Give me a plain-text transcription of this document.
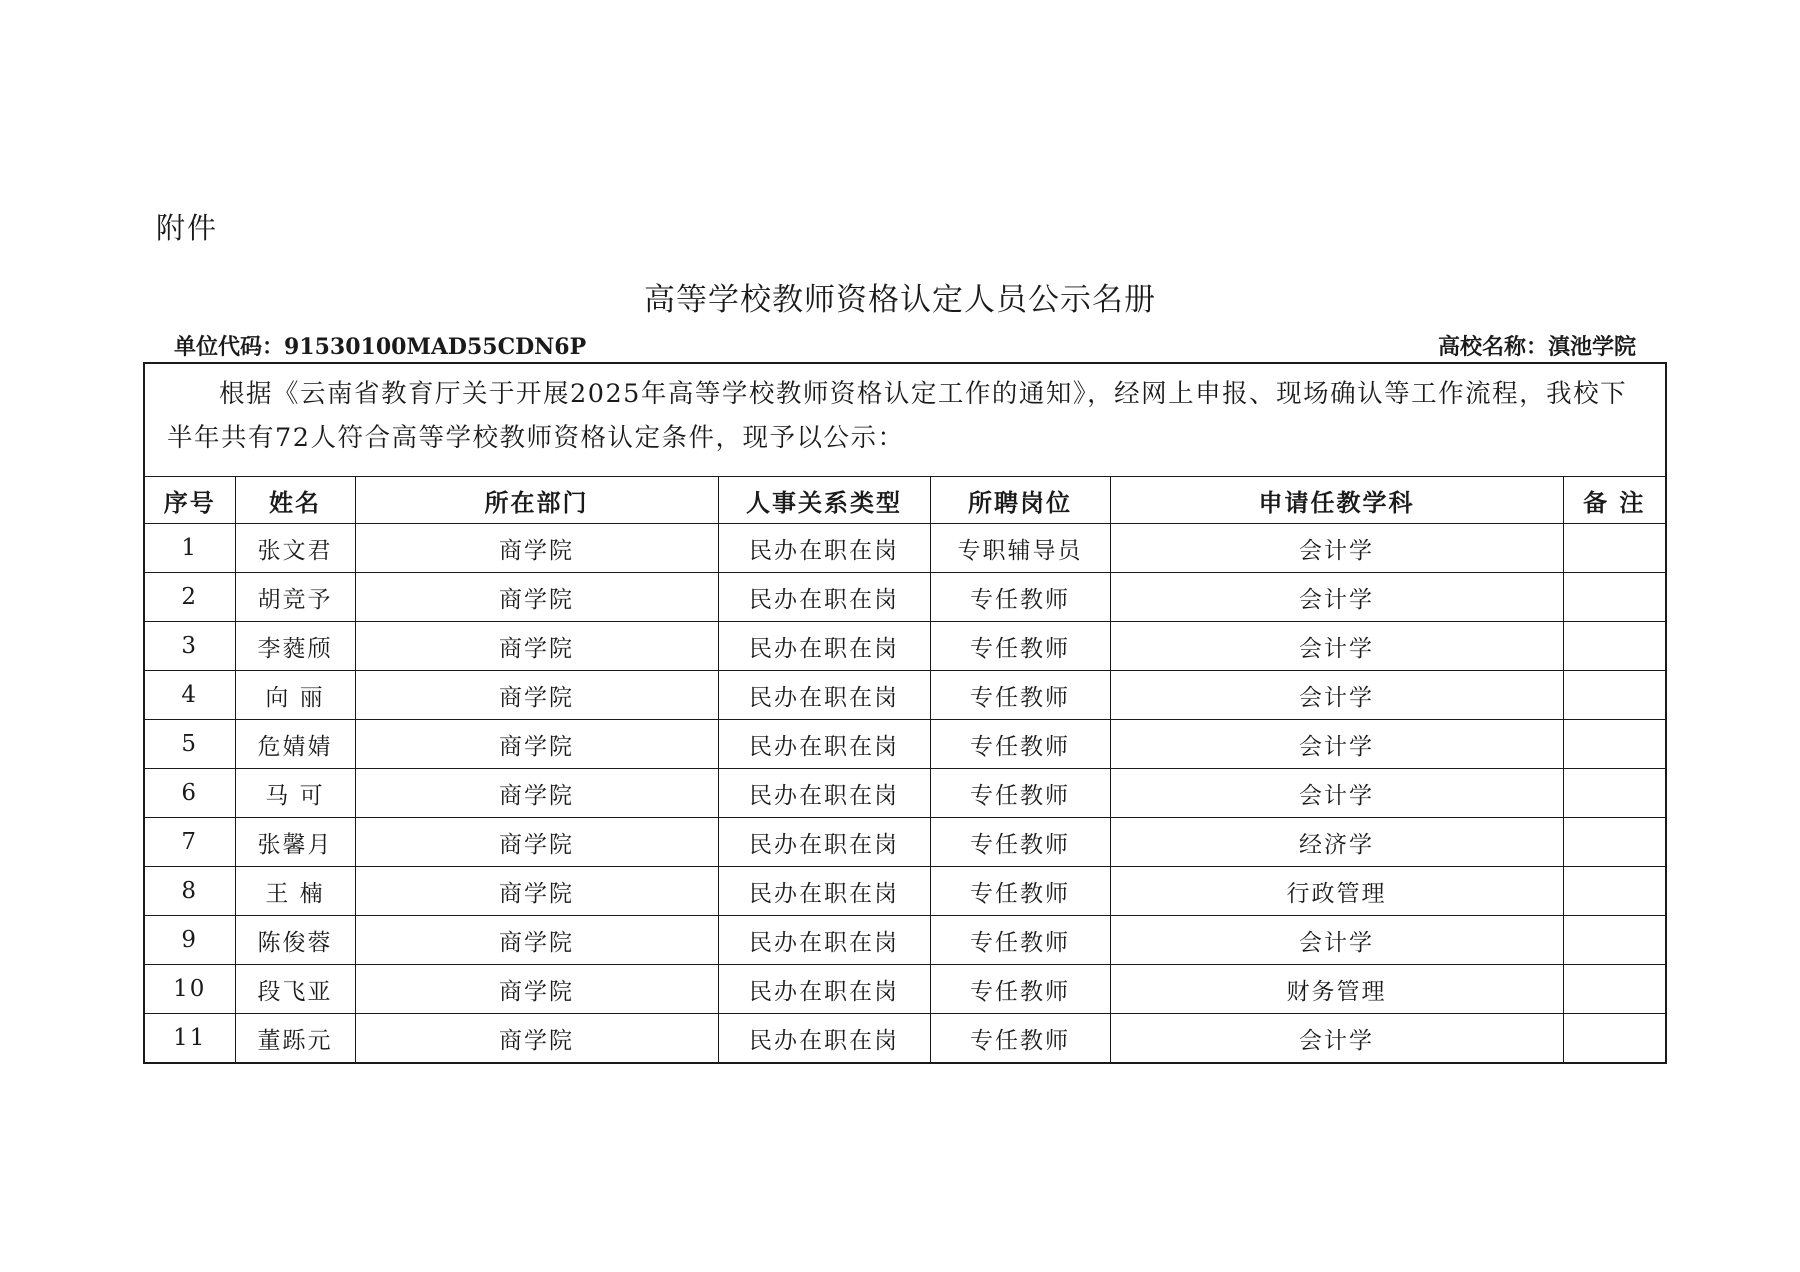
附件
高等学校教师资格认定人员公示名册
单位代码：91530100MAD55CDN6P	高校名称：滇池学院
根据《云南省教育厅关于开展2025年高等学校教师资格认定工作的通知》，经网上申报、现场确认等工作流程，我校下半年共有72人符合高等学校教师资格认定条件，现予以公示：						

序号	姓名	所在部门	人事关系类型	所聘岗位	申请任教学科	备 注
1	张文君	商学院	民办在职在岗	专职辅导员	会计学	
2	胡竞予	商学院	民办在职在岗	专任教师	会计学	
3	李蕤颀	商学院	民办在职在岗	专任教师	会计学	
4	向 丽	商学院	民办在职在岗	专任教师	会计学	
5	危婧婧	商学院	民办在职在岗	专任教师	会计学	
6	马 可	商学院	民办在职在岗	专任教师	会计学	
7	张馨月	商学院	民办在职在岗	专任教师	经济学	
8	王 楠	商学院	民办在职在岗	专任教师	行政管理	
9	陈俊蓉	商学院	民办在职在岗	专任教师	会计学	
10	段飞亚	商学院	民办在职在岗	专任教师	财务管理	
11	董跞元	商学院	民办在职在岗	专任教师	会计学	
